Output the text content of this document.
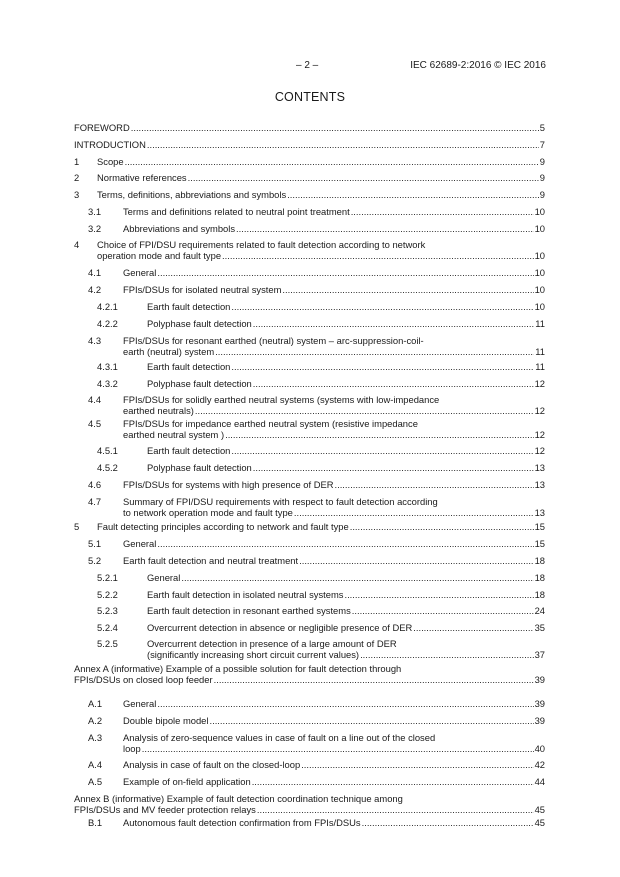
– 2 –	IEC 62689-2:2016 © IEC 2016
CONTENTS
FOREWORD .....	5
INTRODUCTION .....	7
1 Scope .....	9
2 Normative references .....	9
3 Terms, definitions, abbreviations and symbols .....	9
3.1 Terms and definitions related to neutral point treatment .....	10
3.2 Abbreviations and symbols .....	10
4 Choice of FPI/DSU requirements related to fault detection according to network
operation mode and fault type .....	10
4.1 General .....	10
4.2 FPIs/DSUs for isolated neutral system .....	10
4.2.1	Earth fault detection .....	10
4.2.2	Polyphase fault detection .....	11
4.3 FPIs/DSUs for resonant earthed (neutral) system – arc-suppression-coil-
earth (neutral) system .....	11
4.3.1	Earth fault detection .....	11
4.3.2	Polyphase fault detection .....	12
4.4 FPIs/DSUs for solidly earthed neutral systems (systems with low-impedance
earthed neutrals) .....	12
4.5 FPIs/DSUs for impedance earthed neutral system (resistive impedance
earthed neutral system ) .....	12
4.5.1	Earth fault detection .....	12
4.5.2	Polyphase fault detection .....	13
4.6 FPIs/DSUs for systems with high presence of DER .....	13
4.7 Summary of FPI/DSU requirements with respect to fault detection according
to network operation mode and fault type .....	13
5 Fault detecting principles according to network and fault type .....	15
5.1 General .....	15
5.2 Earth fault detection and neutral treatment .....	18
5.2.1	General .....	18
5.2.2	Earth fault detection in isolated neutral systems .....	18
5.2.3	Earth fault detection in resonant earthed systems .....	24
5.2.4	Overcurrent detection in absence or negligible presence of DER .....	35
5.2.5	Overcurrent detection in presence of a large amount of DER
(significantly increasing short circuit current values) .....	37
Annex A (informative) Example of a possible solution for fault detection through
FPIs/DSUs on closed loop feeder .....	39
A.1 General .....	39
A.2 Double bipole model .....	39
A.3 Analysis of zero-sequence values in case of fault on a line out of the closed
loop .....	40
A.4 Analysis in case of fault on the closed-loop .....	42
A.5 Example of on-field application .....	44
Annex B (informative) Example of fault detection coordination technique among
FPIs/DSUs and MV feeder protection relays .....	45
B.1 Autonomous fault detection confirmation from FPIs/DSUs .....	45
